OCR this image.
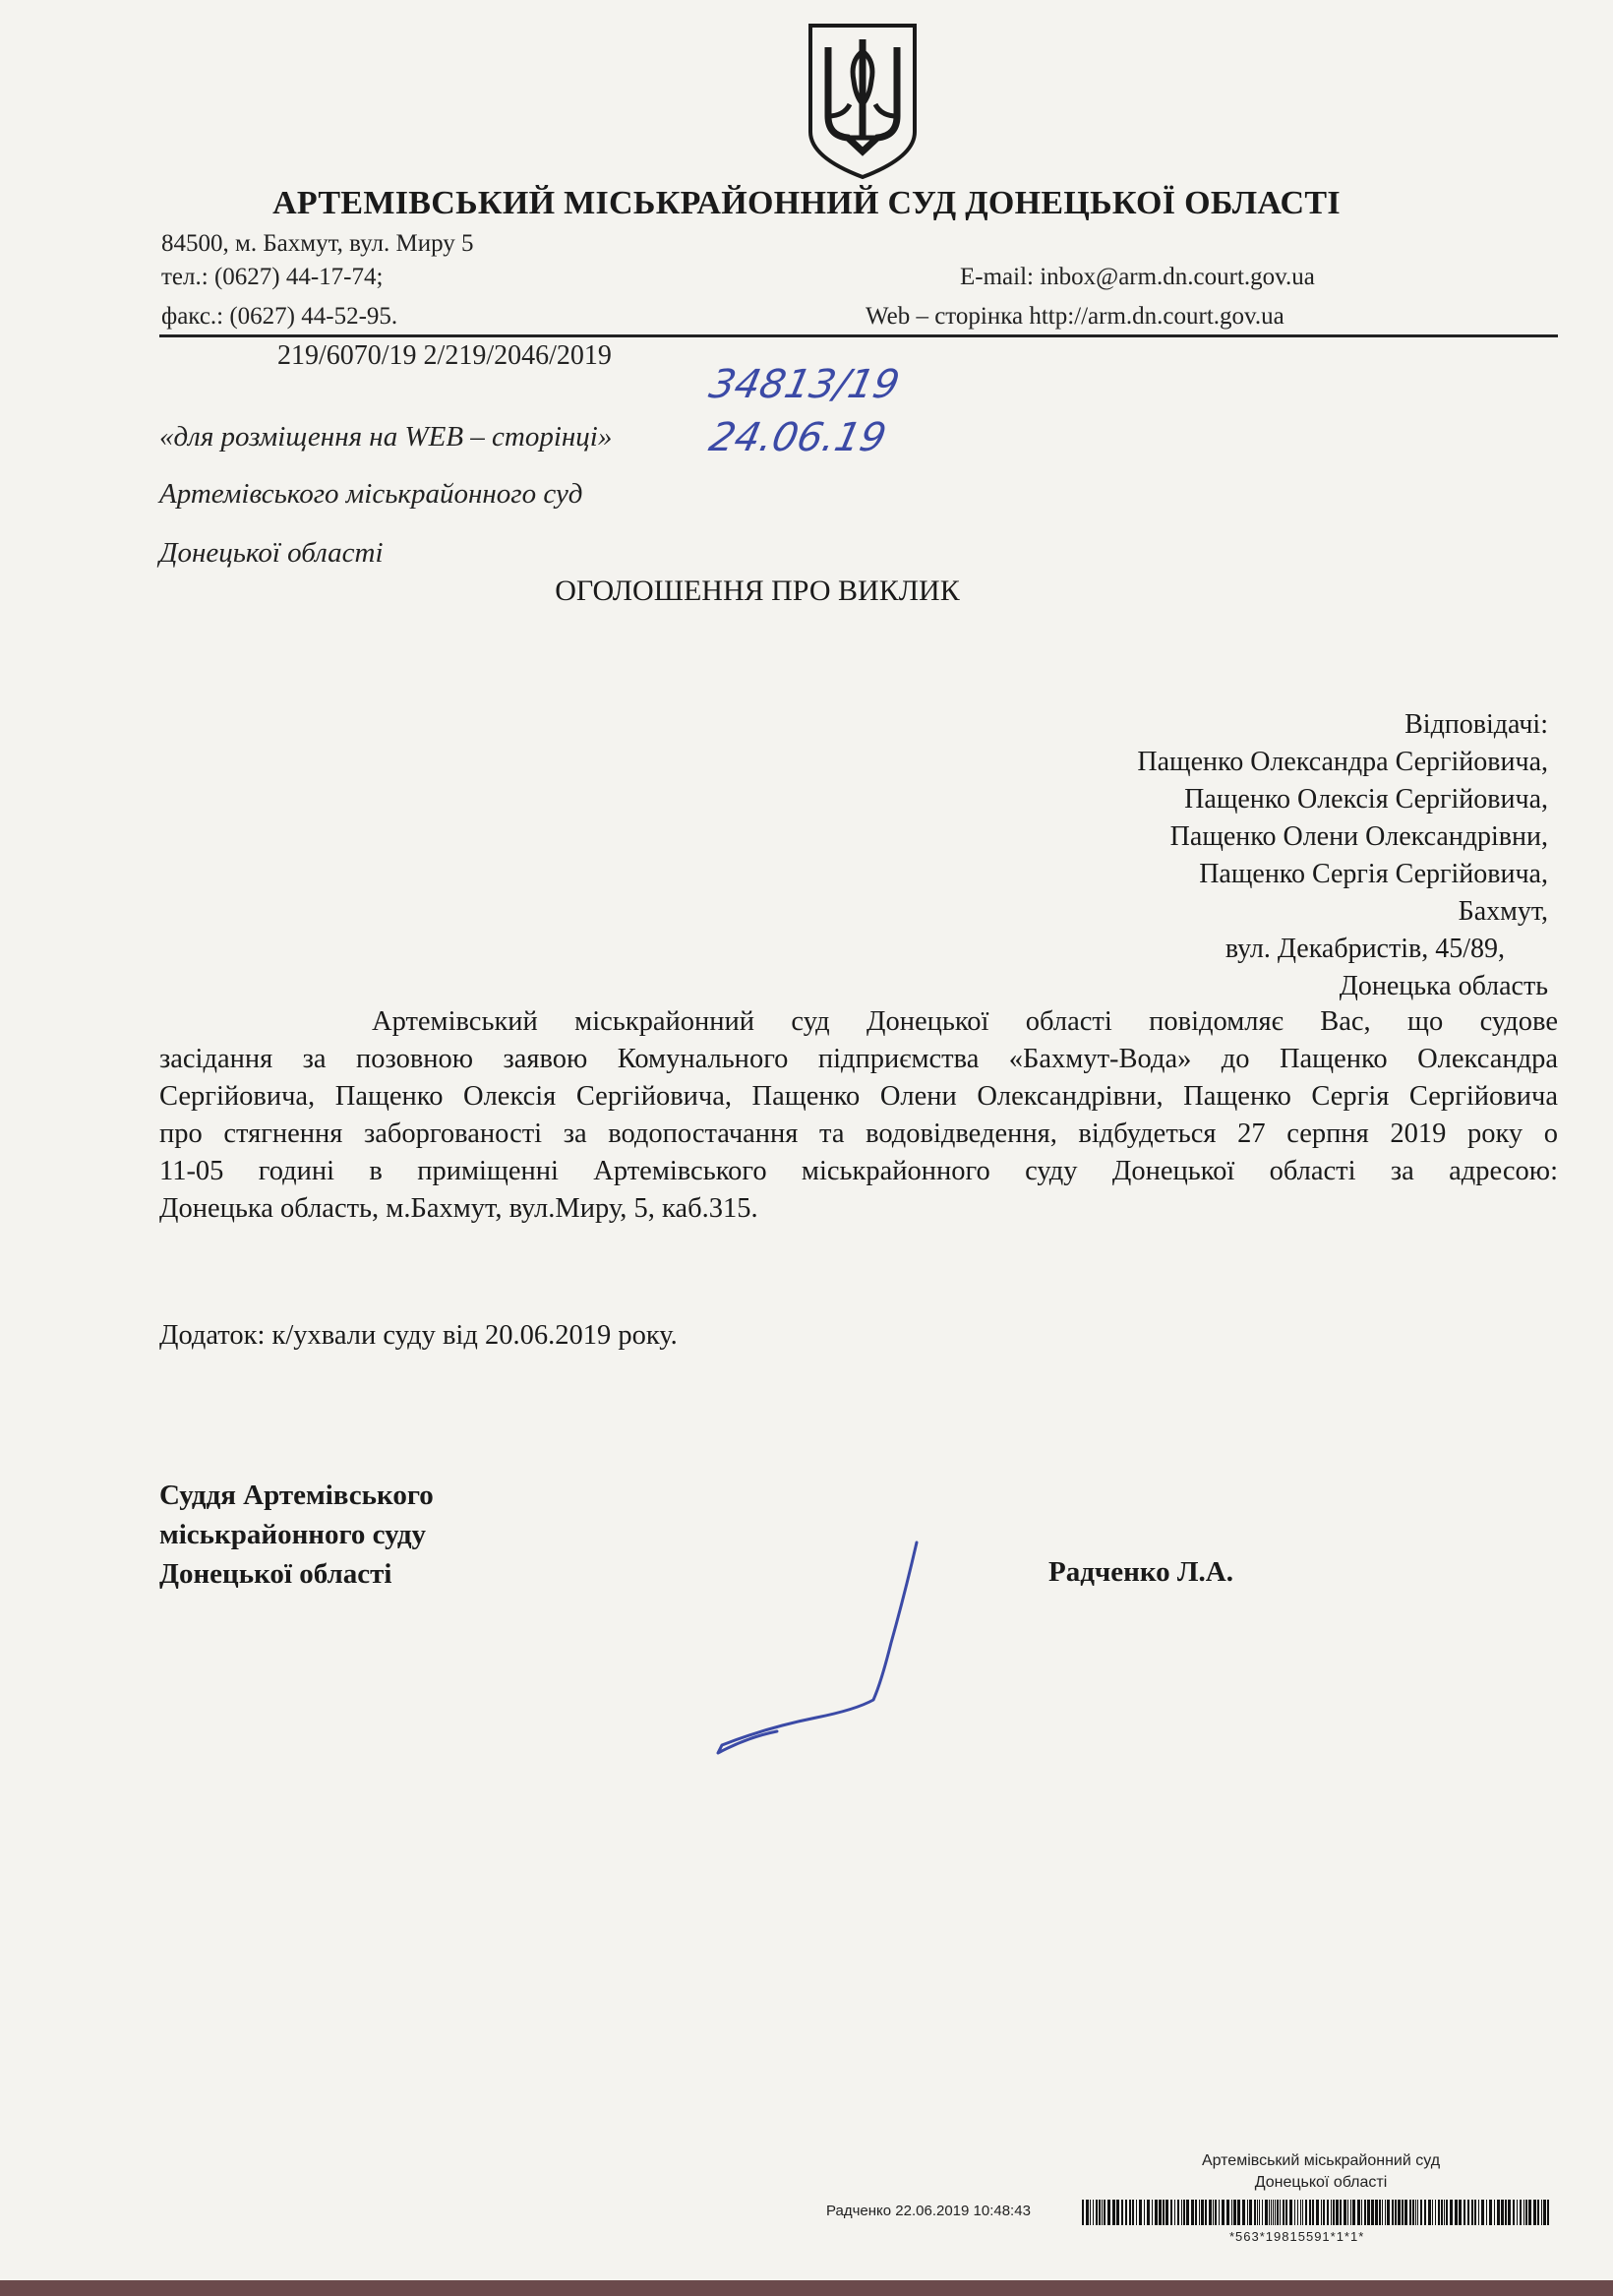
АРТЕМІВСЬКИЙ МІСЬКРАЙОННИЙ СУД ДОНЕЦЬКОЇ ОБЛАСТІ
84500, м. Бахмут, вул. Миру 5
тел.: (0627) 44-17-74;
факс.: (0627) 44-52-95.
E-mail: inbox@arm.dn.court.gov.ua
Web – сторінка http://arm.dn.court.gov.ua
219/6070/19 2/219/2046/2019
34813/19
24.06.19
«для розміщення на WEB – сторінці»
Артемівського міськрайонного суд
Донецької області
ОГОЛОШЕННЯ ПРО ВИКЛИК
Відповідачі:
Пащенко Олександра Сергійовича,
Пащенко Олексія Сергійовича,
Пащенко Олени Олександрівни,
Пащенко Сергія Сергійовича,
Бахмут,
вул. Декабристів, 45/89,
Донецька область
Артемівський міськрайонний суд Донецької області повідомляє Вас, що судове
засідання за позовною заявою Комунального підприємства «Бахмут-Вода» до Пащенко Олександра
Сергійовича, Пащенко Олексія Сергійовича, Пащенко Олени Олександрівни, Пащенко Сергія Сергійовича
про стягнення заборгованості за водопостачання та водовідведення, відбудеться 27 серпня 2019 року о
11-05 годині в приміщенні Артемівського міськрайонного суду Донецької області за адресою:
Донецька область, м.Бахмут, вул.Миру, 5, каб.315.
Додаток: к/ухвали суду від 20.06.2019 року.
Суддя Артемівського
міськрайонного суду
Донецької області	Радченко Л.А.
Артемівський міськрайонний суд
Донецької області
Радченко 22.06.2019 10:48:43
*563*19815591*1*1*
